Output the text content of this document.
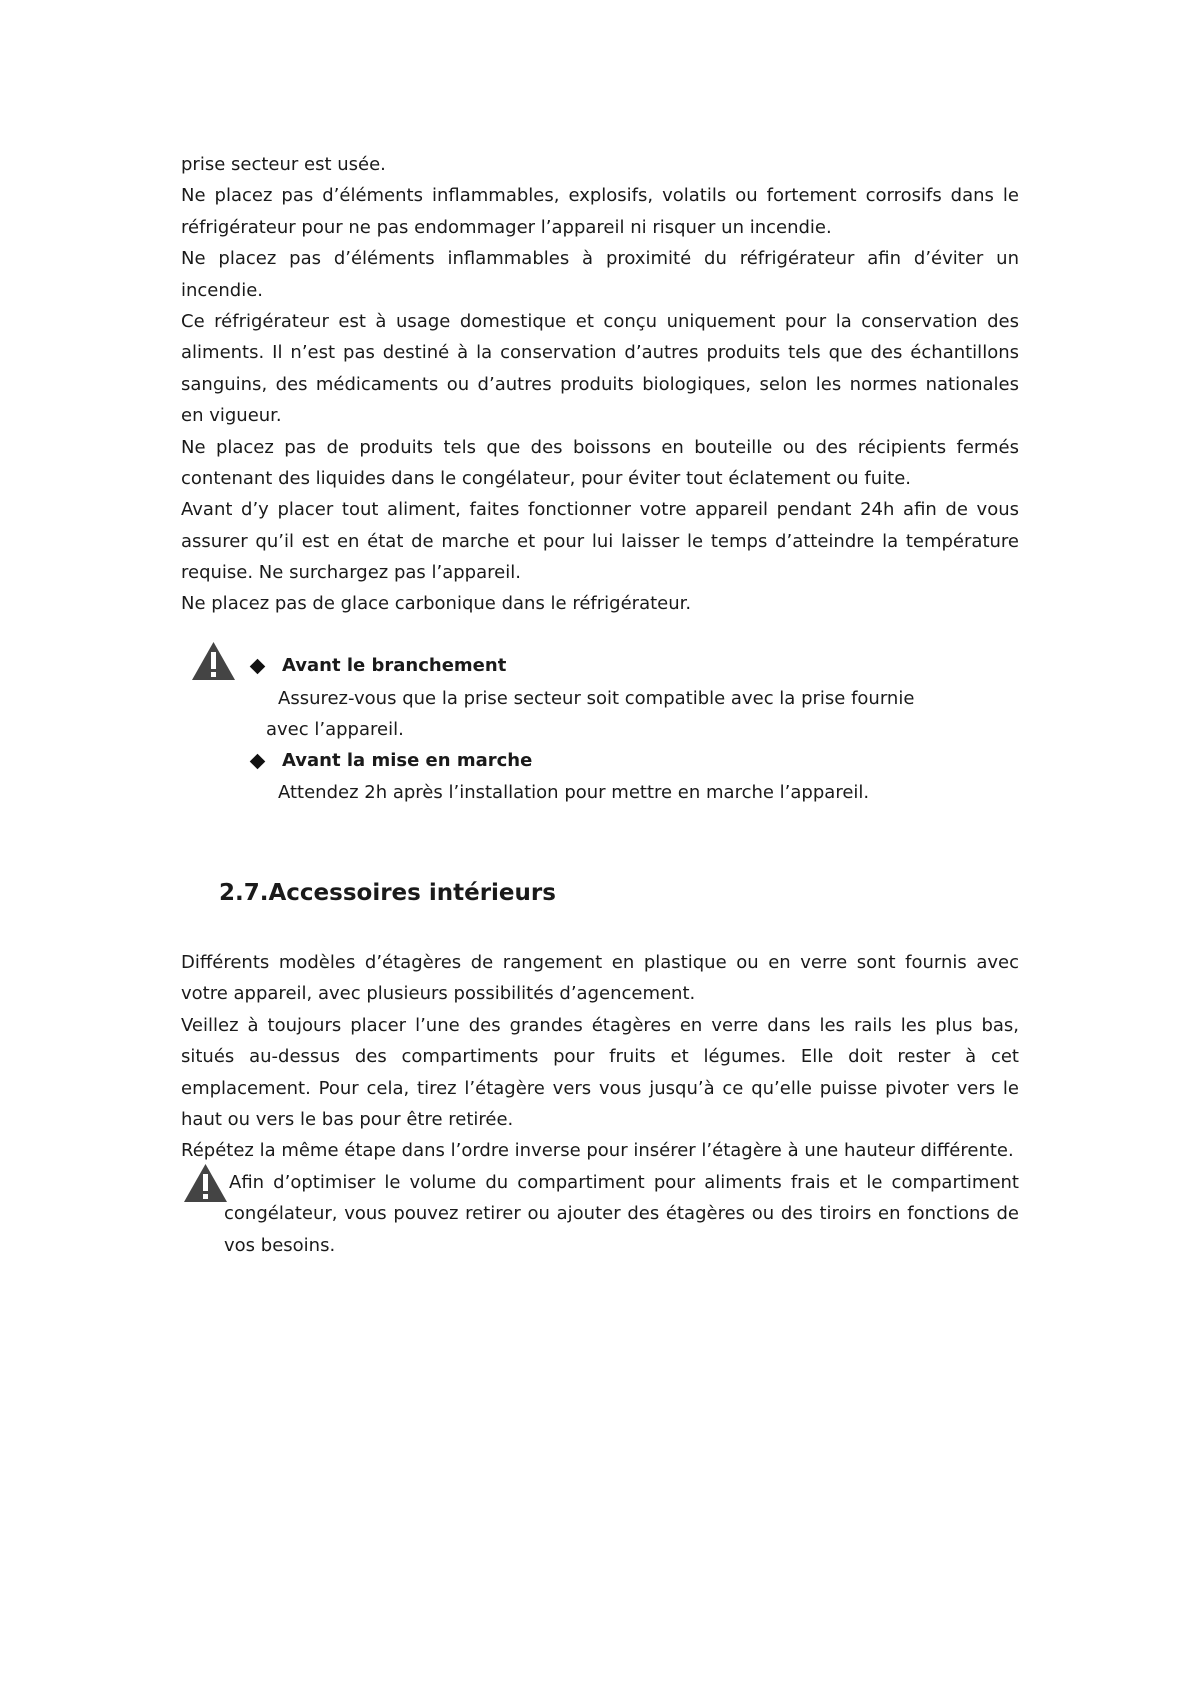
prise secteur est usée.
Ne placez pas d’éléments inflammables, explosifs, volatils ou fortement corrosifs dans le
réfrigérateur pour ne pas endommager l’appareil ni risquer un incendie.
Ne placez pas d’éléments inflammables à proximité du réfrigérateur afin d’éviter un
incendie.
Ce réfrigérateur est à usage domestique et conçu uniquement pour la conservation des
aliments. Il n’est pas destiné à la conservation d’autres produits tels que des échantillons
sanguins, des médicaments ou d’autres produits biologiques, selon les normes nationales
en vigueur.
Ne placez pas de produits tels que des boissons en bouteille ou des récipients fermés
contenant des liquides dans le congélateur, pour éviter tout éclatement ou fuite.
Avant d’y placer tout aliment, faites fonctionner votre appareil pendant 24h afin de vous
assurer qu’il est en état de marche et pour lui laisser le temps d’atteindre la température
requise. Ne surchargez pas l’appareil.
Ne placez pas de glace carbonique dans le réfrigérateur.
Avant le branchement
Assurez-vous que la prise secteur soit compatible avec la prise fournie
avec l’appareil.
Avant la mise en marche
Attendez 2h après l’installation pour mettre en marche l’appareil.
2.7.Accessoires intérieurs
Différents modèles d’étagères de rangement en plastique ou en verre sont fournis avec
votre appareil, avec plusieurs possibilités d’agencement.
Veillez à toujours placer l’une des grandes étagères en verre dans les rails les plus bas,
situés au-dessus des compartiments pour fruits et légumes. Elle doit rester à cet
emplacement. Pour cela, tirez l’étagère vers vous jusqu’à ce qu’elle puisse pivoter vers le
haut ou vers le bas pour être retirée.
Répétez la même étape dans l’ordre inverse pour insérer l’étagère à une hauteur différente.
Afin d’optimiser le volume du compartiment pour aliments frais et le compartiment
congélateur, vous pouvez retirer ou ajouter des étagères ou des tiroirs en fonctions de
vos besoins.
